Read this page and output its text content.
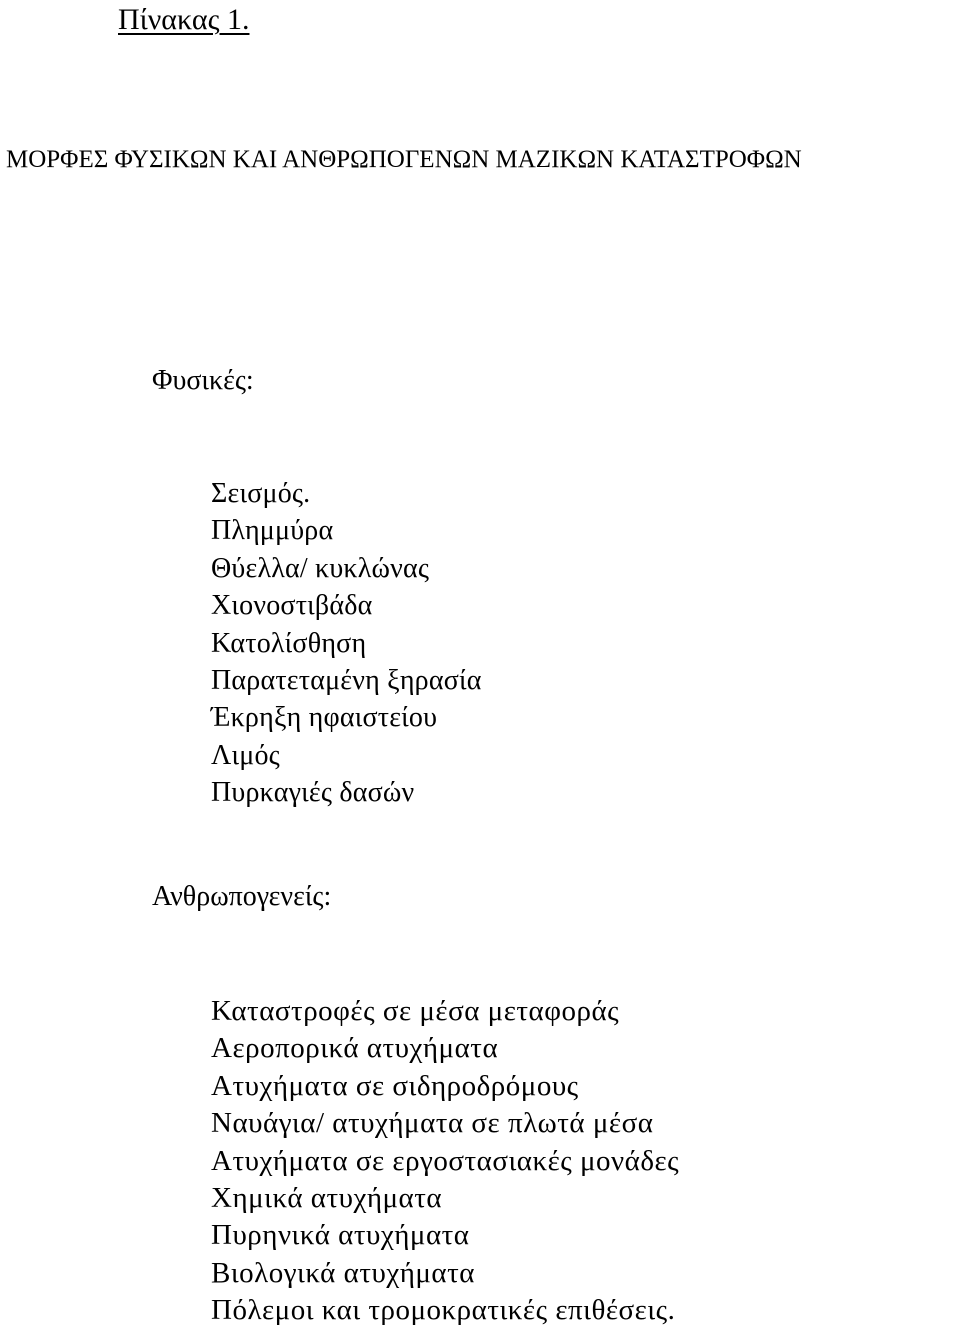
Πίνακας 1.
ΜΟΡΦΕΣ ΦΥΣΙΚΩΝ ΚΑΙ ΑΝΘΡΩΠΟΓΕΝΩΝ ΜΑΖΙΚΩΝ ΚΑΤΑΣΤΡΟΦΩΝ
Φυσικές:
Σεισμός.
Πλημμύρα
Θύελλα/ κυκλώνας
Χιονοστιβάδα
Κατολίσθηση
Παρατεταμένη ξηρασία
Έκρηξη ηφαιστείου
Λιμός
Πυρκαγιές δασών
Ανθρωπογενείς:
Καταστροφές σε μέσα μεταφοράς
Αεροπορικά ατυχήματα
Ατυχήματα σε σιδηροδρόμους
Ναυάγια/ ατυχήματα σε πλωτά μέσα
Ατυχήματα σε εργοστασιακές μονάδες
Χημικά ατυχήματα
Πυρηνικά ατυχήματα
Βιολογικά ατυχήματα
Πόλεμοι και τρομοκρατικές επιθέσεις.
